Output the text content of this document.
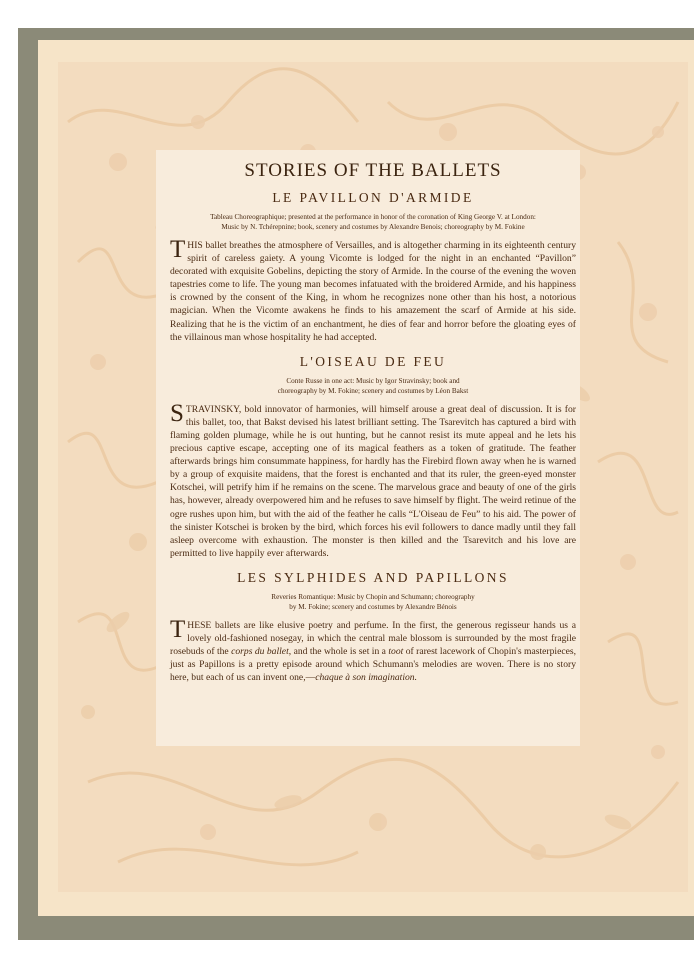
STORIES OF THE BALLETS
LE PAVILLON D'ARMIDE
Tableau Choreographique; presented at the performance in honor of the coronation of King George V. at London:
Music by N. Tchérepnine; book, scenery and costumes by Alexandre Benois; choreography by M. Fokine

THIS ballet breathes the atmosphere of Versailles, and is altogether charming in its eighteenth century spirit of careless gaiety. A young Vicomte is lodged for the night in an enchanted “Pavillon” decorated with exquisite Gobelins, depicting the story of Armide. In the course of the evening the woven tapestries come to life. The young man becomes infatuated with the broidered Armide, and his happiness is crowned by the consent of the King, in whom he recognizes none other than his host, a notorious magician. When the Vicomte awakens he finds to his amazement the scarf of Armide at his side. Realizing that he is the victim of an enchantment, he dies of fear and horror before the gloating eyes of the villainous man whose hospitality he had accepted.

L'OISEAU DE FEU
Conte Russe in one act: Music by Igor Stravinsky; book and
choreography by M. Fokine; scenery and costumes by Léon Bakst

STRAVINSKY, bold innovator of harmonies, will himself arouse a great deal of discussion. It is for this ballet, too, that Bakst devised his latest brilliant setting. The Tsarevitch has captured a bird with flaming golden plumage, while he is out hunting, but he cannot resist its mute appeal and he lets his precious captive escape, accepting one of its magical feathers as a token of gratitude. The feather afterwards brings him consummate happiness, for hardly has the Firebird flown away when he is warned by a group of exquisite maidens, that the forest is enchanted and that its ruler, the green-eyed monster Kotschei, will petrify him if he remains on the scene. The marvelous grace and beauty of one of the girls has, however, already overpowered him and he refuses to save himself by flight. The weird retinue of the ogre rushes upon him, but with the aid of the feather he calls “L'Oiseau de Feu” to his aid. The power of the sinister Kotschei is broken by the bird, which forces his evil followers to dance madly until they fall asleep overcome with exhaustion. The monster is then killed and the Tsarevitch and his love are permitted to live happily ever afterwards.

LES SYLPHIDES AND PAPILLONS
Reveries Romantique: Music by Chopin and Schumann; choreography
by M. Fokine; scenery and costumes by Alexandre Bénois

THESE ballets are like elusive poetry and perfume. In the first, the generous regisseur hands us a lovely old-fashioned nosegay, in which the central male blossom is surrounded by the most fragile rosebuds of the corps du ballet, and the whole is set in a toot of rarest lacework of Chopin's masterpieces, just as Papillons is a pretty episode around which Schumann's melodies are woven. There is no story here, but each of us can invent one,—chaque à son imagination.
